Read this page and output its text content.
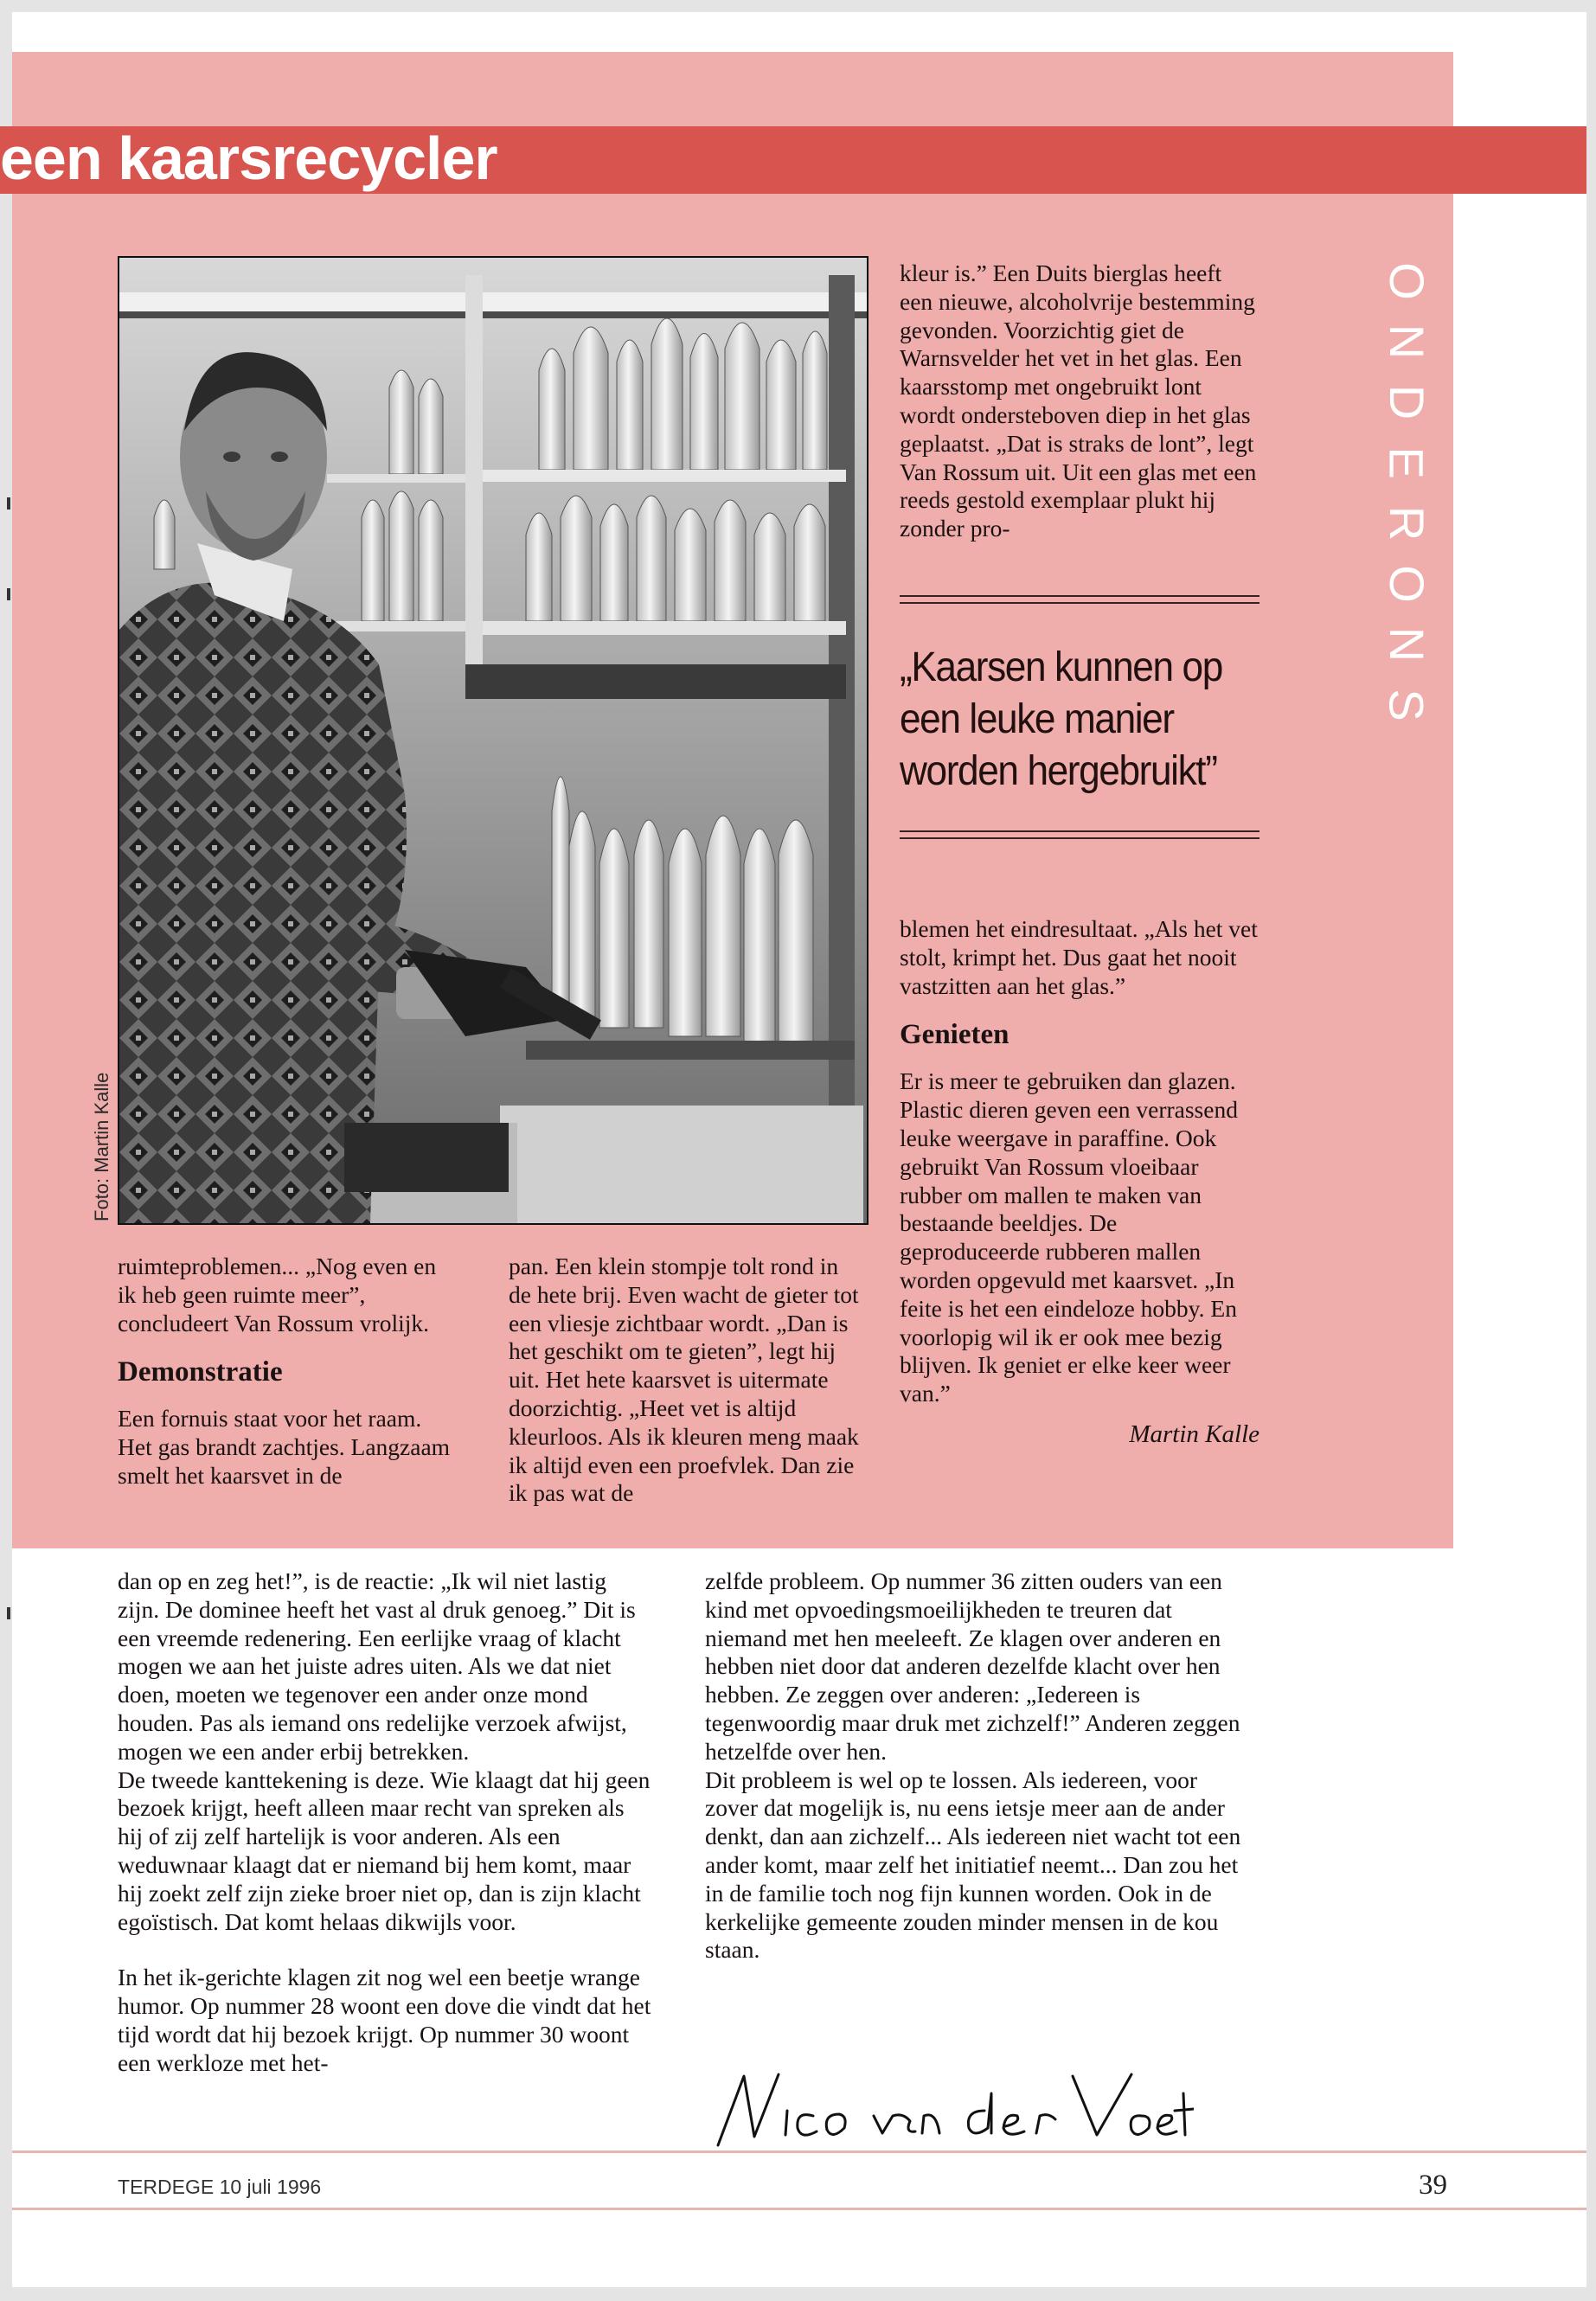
een kaarsrecycler
O
N
D
E
R
O
N
S
Foto: Martin Kalle

ruimteproblemen... „Nog even en ik heb geen ruimte meer”, concludeert Van Rossum vrolijk.

Demonstratie

Een fornuis staat voor het raam. Het gas brandt zachtjes. Langzaam smelt het kaarsvet in de

pan. Een klein stompje tolt rond in de hete brij. Even wacht de gieter tot een vliesje zichtbaar wordt. „Dan is het geschikt om te gieten”, legt hij uit. Het hete kaarsvet is uitermate doorzichtig. „Heet vet is altijd kleurloos. Als ik kleuren meng maak ik altijd even een proefvlek. Dan zie ik pas wat de

kleur is.” Een Duits bierglas heeft een nieuwe, alcoholvrije bestemming gevonden. Voorzichtig giet de Warnsvelder het vet in het glas. Een kaarsstomp met ongebruikt lont wordt ondersteboven diep in het glas geplaatst. „Dat is straks de lont”, legt Van Rossum uit. Uit een glas met een reeds gestold exemplaar plukt hij zonder pro-

„Kaarsen kunnen op een leuke manier worden hergebruikt”

blemen het eindresultaat. „Als het vet stolt, krimpt het. Dus gaat het nooit vastzitten aan het glas.”

Genieten

Er is meer te gebruiken dan glazen. Plastic dieren geven een verrassend leuke weergave in paraffine. Ook gebruikt Van Rossum vloeibaar rubber om mallen te maken van bestaande beeldjes. De geproduceerde rubberen mallen worden opgevuld met kaarsvet. „In feite is het een eindeloze hobby. En voorlopig wil ik er ook mee bezig blijven. Ik geniet er elke keer weer van.”

Martin Kalle

dan op en zeg het!”, is de reactie: „Ik wil niet lastig zijn. De dominee heeft het vast al druk genoeg.” Dit is een vreemde redenering. Een eerlijke vraag of klacht mogen we aan het juiste adres uiten. Als we dat niet doen, moeten we tegenover een ander onze mond houden. Pas als iemand ons redelijke verzoek afwijst, mogen we een ander erbij betrekken.

De tweede kanttekening is deze. Wie klaagt dat hij geen bezoek krijgt, heeft alleen maar recht van spreken als hij of zij zelf hartelijk is voor anderen. Als een weduwnaar klaagt dat er niemand bij hem komt, maar hij zoekt zelf zijn zieke broer niet op, dan is zijn klacht egoïstisch. Dat komt helaas dikwijls voor.

In het ik-gerichte klagen zit nog wel een beetje wrange humor. Op nummer 28 woont een dove die vindt dat het tijd wordt dat hij bezoek krijgt. Op nummer 30 woont een werkloze met het-

zelfde probleem. Op nummer 36 zitten ouders van een kind met opvoedingsmoeilijkheden te treuren dat niemand met hen meeleeft. Ze klagen over anderen en hebben niet door dat anderen dezelfde klacht over hen hebben. Ze zeggen over anderen: „Iedereen is tegenwoordig maar druk met zichzelf!” Anderen zeggen hetzelfde over hen.

Dit probleem is wel op te lossen. Als iedereen, voor zover dat mogelijk is, nu eens ietsje meer aan de ander denkt, dan aan zichzelf... Als iedereen niet wacht tot een ander komt, maar zelf het initiatief neemt... Dan zou het in de familie toch nog fijn kunnen worden. Ook in de kerkelijke gemeente zouden minder mensen in de kou staan.

TERDEGE 10 juli 1996	39
